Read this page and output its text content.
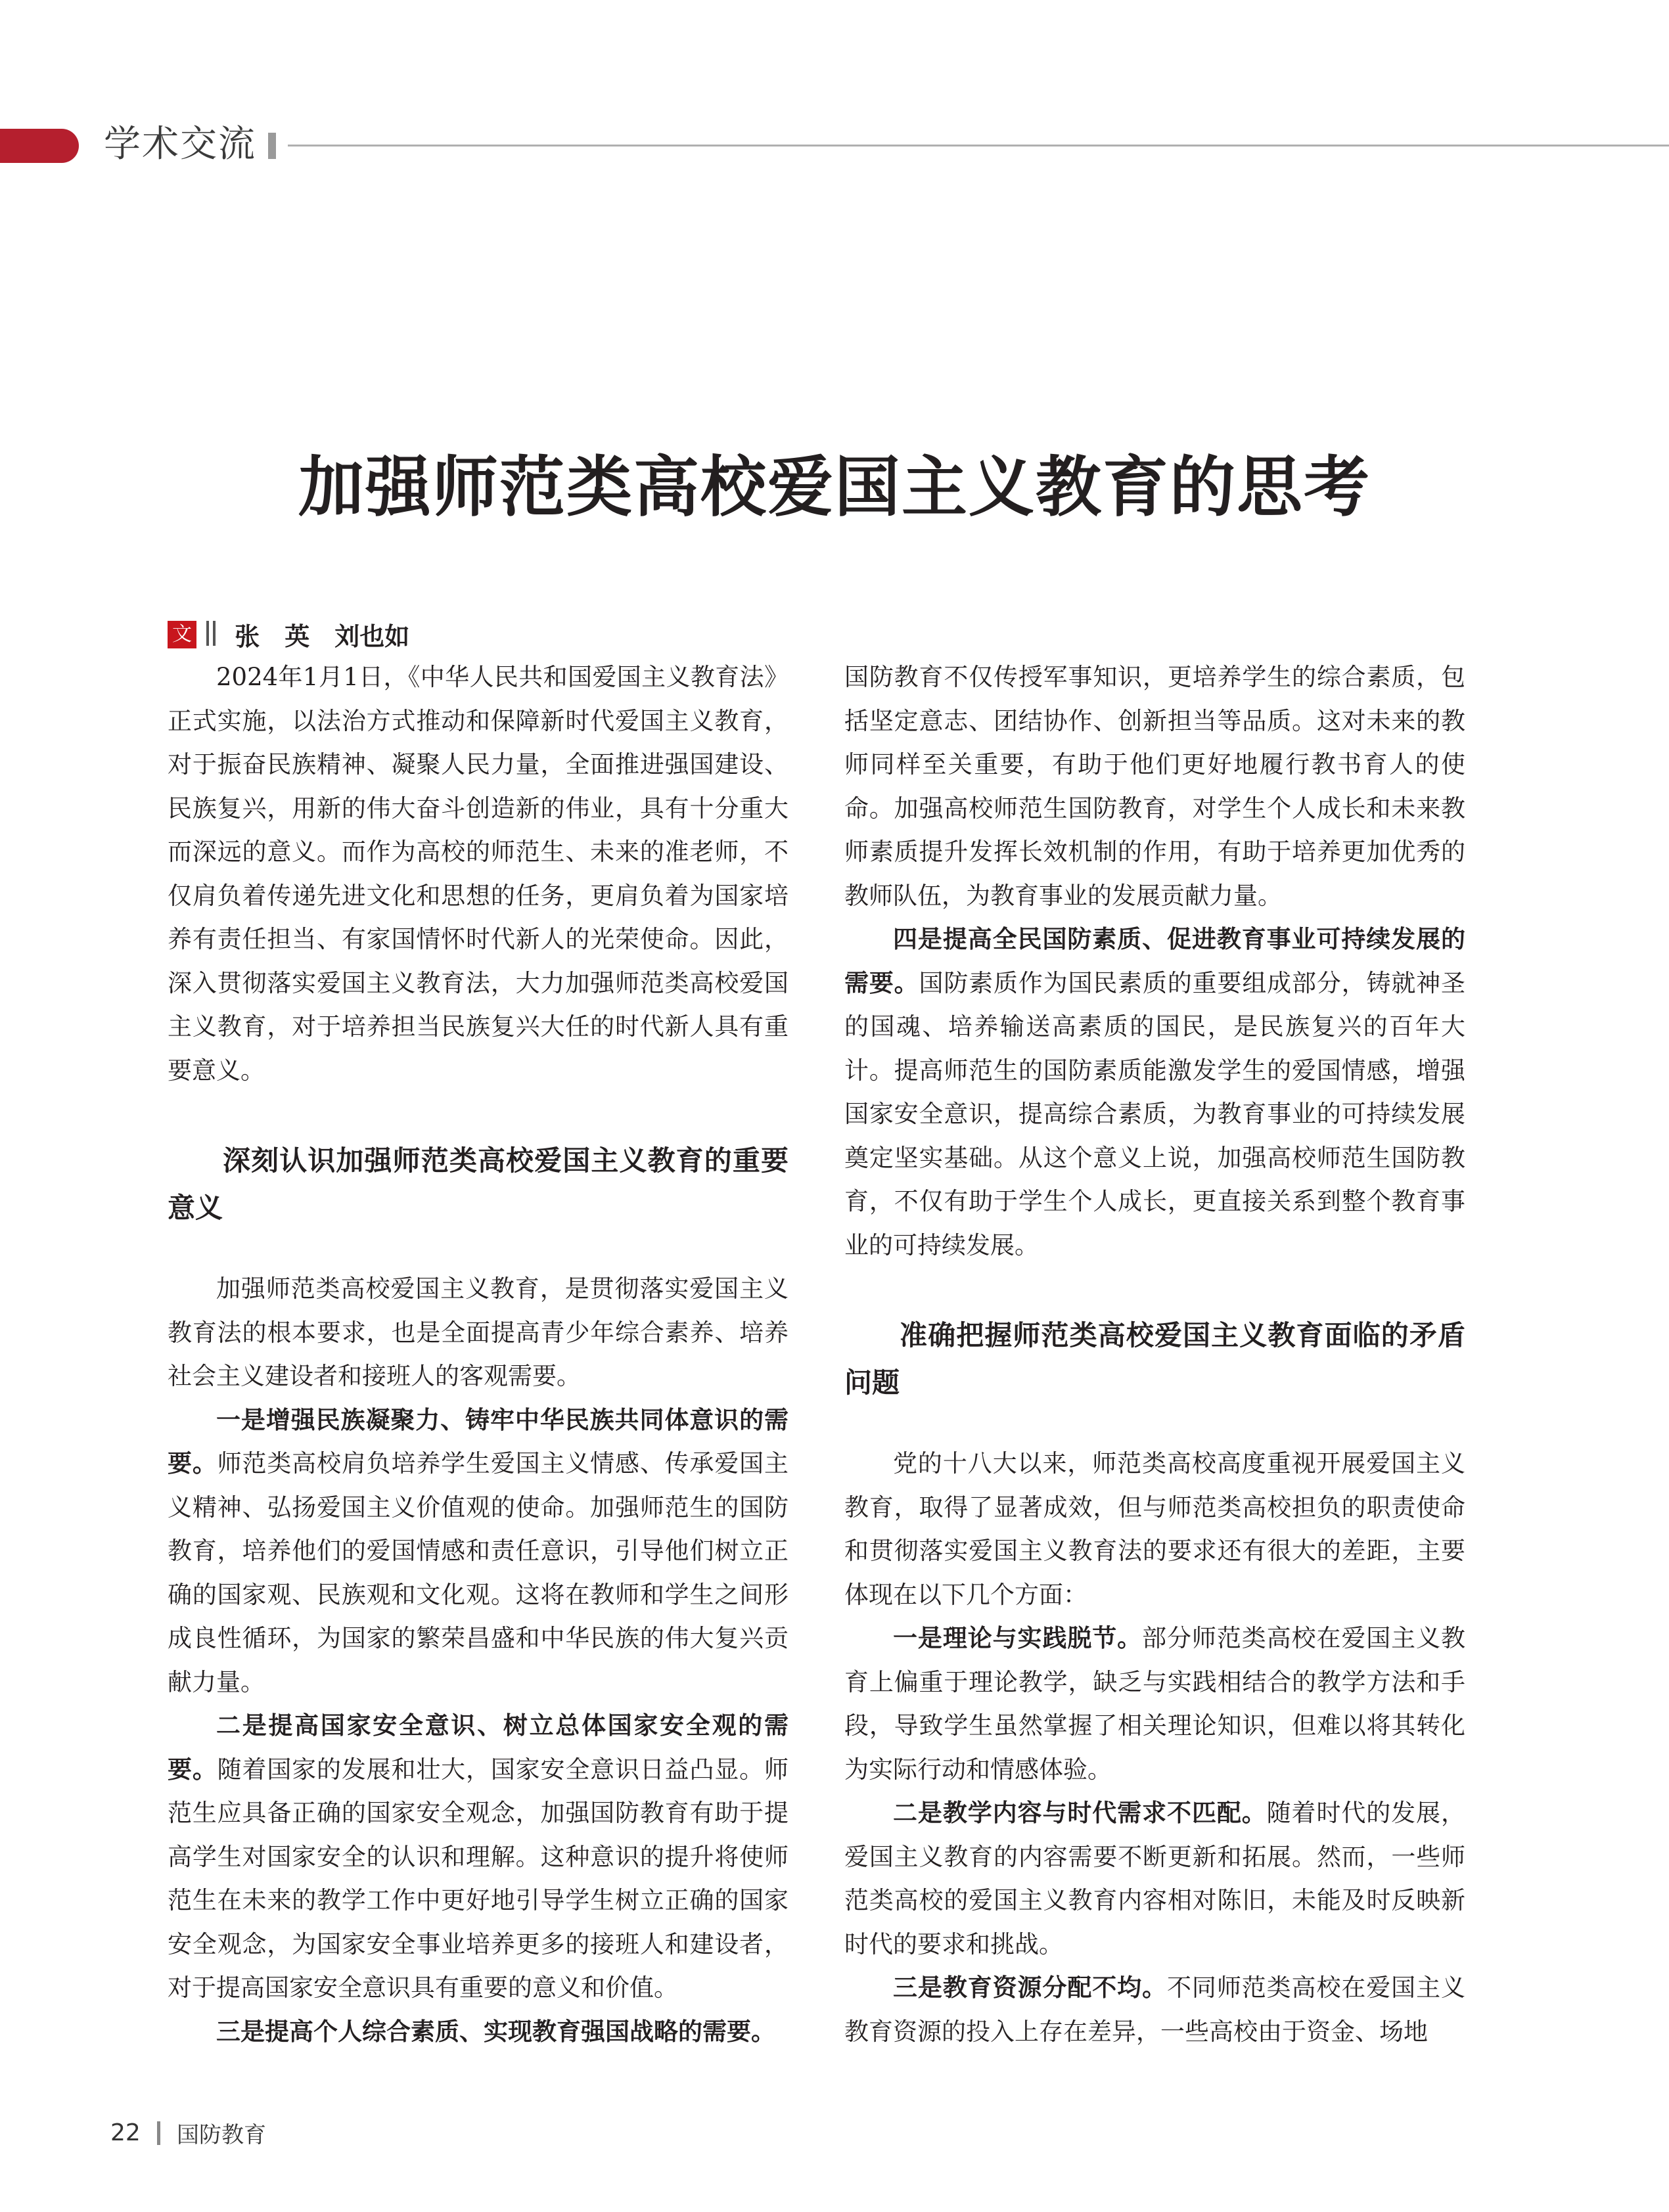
学术交流
加强师范类高校爱国主义教育的思考
文 张　英　刘也如

2024年1月1日，《中华人民共和国爱国主义教育法》正式实施，以法治方式推动和保障新时代爱国主义教育，对于振奋民族精神、凝聚人民力量，全面推进强国建设、民族复兴，用新的伟大奋斗创造新的伟业，具有十分重大而深远的意义。而作为高校的师范生、未来的准老师，不仅肩负着传递先进文化和思想的任务，更肩负着为国家培养有责任担当、有家国情怀时代新人的光荣使命。因此，深入贯彻落实爱国主义教育法，大力加强师范类高校爱国主义教育，对于培养担当民族复兴大任的时代新人具有重要意义。

深刻认识加强师范类高校爱国主义教育的重要意义

加强师范类高校爱国主义教育，是贯彻落实爱国主义教育法的根本要求，也是全面提高青少年综合素养、培养社会主义建设者和接班人的客观需要。

一是增强民族凝聚力、铸牢中华民族共同体意识的需要。师范类高校肩负培养学生爱国主义情感、传承爱国主义精神、弘扬爱国主义价值观的使命。加强师范生的国防教育，培养他们的爱国情感和责任意识，引导他们树立正确的国家观、民族观和文化观。这将在教师和学生之间形成良性循环，为国家的繁荣昌盛和中华民族的伟大复兴贡献力量。

二是提高国家安全意识、树立总体国家安全观的需要。随着国家的发展和壮大，国家安全意识日益凸显。师范生应具备正确的国家安全观念，加强国防教育有助于提高学生对国家安全的认识和理解。这种意识的提升将使师范生在未来的教学工作中更好地引导学生树立正确的国家安全观念，为国家安全事业培养更多的接班人和建设者，对于提高国家安全意识具有重要的意义和价值。

三是提高个人综合素质、实现教育强国战略的需要。

国防教育不仅传授军事知识，更培养学生的综合素质，包括坚定意志、团结协作、创新担当等品质。这对未来的教师同样至关重要，有助于他们更好地履行教书育人的使命。加强高校师范生国防教育，对学生个人成长和未来教师素质提升发挥长效机制的作用，有助于培养更加优秀的教师队伍，为教育事业的发展贡献力量。

四是提高全民国防素质、促进教育事业可持续发展的需要。国防素质作为国民素质的重要组成部分，铸就神圣的国魂、培养输送高素质的国民，是民族复兴的百年大计。提高师范生的国防素质能激发学生的爱国情感，增强国家安全意识，提高综合素质，为教育事业的可持续发展奠定坚实基础。从这个意义上说，加强高校师范生国防教育，不仅有助于学生个人成长，更直接关系到整个教育事业的可持续发展。

准确把握师范类高校爱国主义教育面临的矛盾问题

党的十八大以来，师范类高校高度重视开展爱国主义教育，取得了显著成效，但与师范类高校担负的职责使命和贯彻落实爱国主义教育法的要求还有很大的差距，主要体现在以下几个方面：

一是理论与实践脱节。部分师范类高校在爱国主义教育上偏重于理论教学，缺乏与实践相结合的教学方法和手段，导致学生虽然掌握了相关理论知识，但难以将其转化为实际行动和情感体验。

二是教学内容与时代需求不匹配。随着时代的发展，爱国主义教育的内容需要不断更新和拓展。然而，一些师范类高校的爱国主义教育内容相对陈旧，未能及时反映新时代的要求和挑战。

三是教育资源分配不均。不同师范类高校在爱国主义教育资源的投入上存在差异，一些高校由于资金、场地

22 国防教育
